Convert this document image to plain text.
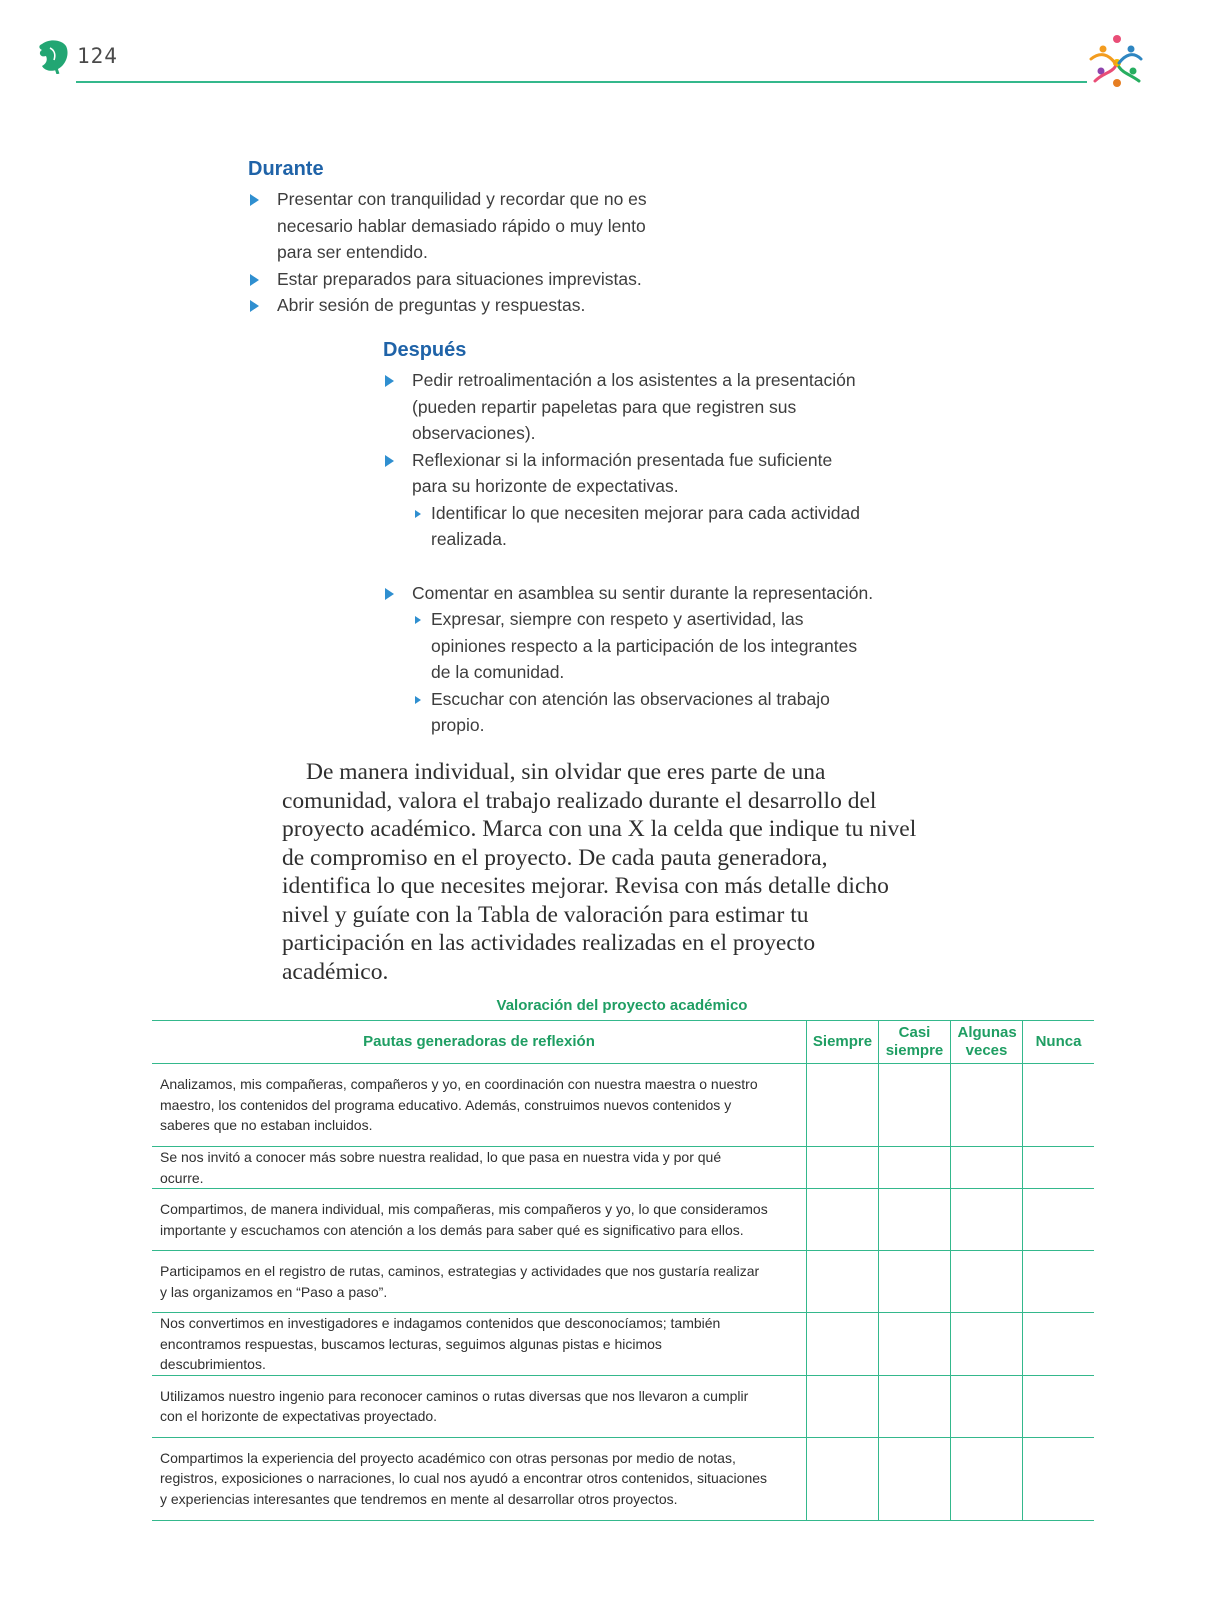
124
Durante
Presentar con tranquilidad y recordar que no es necesario hablar demasiado rápido o muy lento para ser entendido.
Estar preparados para situaciones imprevistas.
Abrir sesión de preguntas y respuestas.
Después
Pedir retroalimentación a los asistentes a la presentación (pueden repartir papeletas para que registren sus observaciones).
Reflexionar si la información presentada fue suficiente para su horizonte de expectativas.
Identificar lo que necesiten mejorar para cada actividad realizada.
Comentar en asamblea su sentir durante la representación.
Expresar, siempre con respeto y asertividad, las opiniones respecto a la participación de los integrantes de la comunidad.
Escuchar con atención las observaciones al trabajo propio.

De manera individual, sin olvidar que eres parte de una comunidad, valora el trabajo realizado durante el desarrollo del proyecto académico. Marca con una X la celda que indique tu nivel de compromiso en el proyecto. De cada pauta generadora, identifica lo que necesites mejorar. Revisa con más detalle dicho nivel y guíate con la Tabla de valoración para estimar tu participación en las actividades realizadas en el proyecto académico.

Valoración del proyecto académico
Pautas generadoras de reflexión	Siempre	Casi siempre	Algunas veces	Nunca
Analizamos, mis compañeras, compañeros y yo, en coordinación con nuestra maestra o nuestro maestro, los contenidos del programa educativo. Además, construimos nuevos contenidos y saberes que no estaban incluidos.				
Se nos invitó a conocer más sobre nuestra realidad, lo que pasa en nuestra vida y por qué ocurre.				
Compartimos, de manera individual, mis compañeras, mis compañeros y yo, lo que consideramos importante y escuchamos con atención a los demás para saber qué es significativo para ellos.				
Participamos en el registro de rutas, caminos, estrategias y actividades que nos gustaría realizar y las organizamos en “Paso a paso”.				
Nos convertimos en investigadores e indagamos contenidos que desconocíamos; también encontramos respuestas, buscamos lecturas, seguimos algunas pistas e hicimos descubrimientos.				
Utilizamos nuestro ingenio para reconocer caminos o rutas diversas que nos llevaron a cumplir con el horizonte de expectativas proyectado.				
Compartimos la experiencia del proyecto académico con otras personas por medio de notas, registros, exposiciones o narraciones, lo cual nos ayudó a encontrar otros contenidos, situaciones y experiencias interesantes que tendremos en mente al desarrollar otros proyectos.				
